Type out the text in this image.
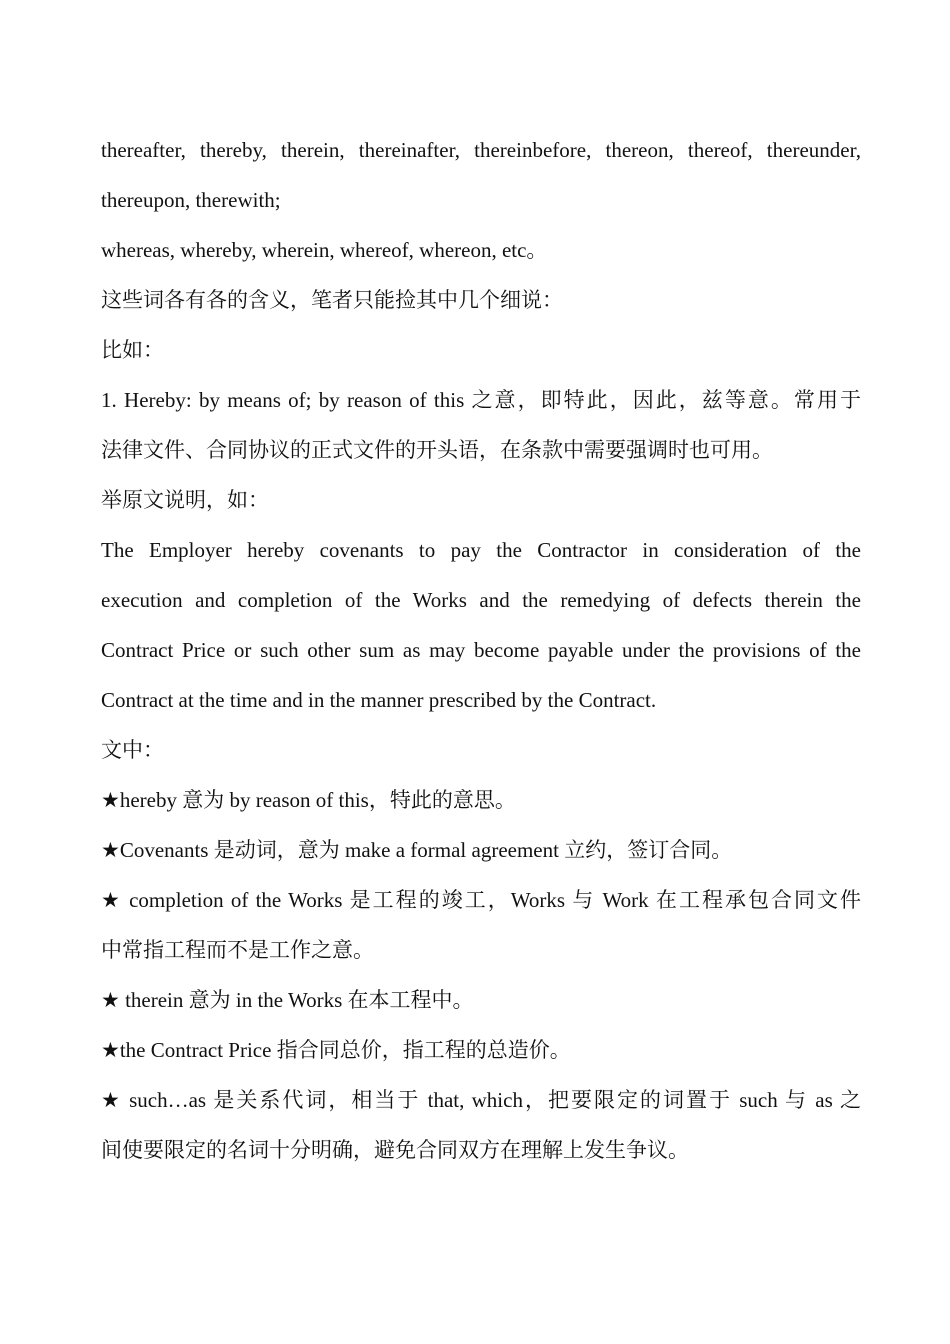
thereafter, thereby, therein, thereinafter, thereinbefore, thereon, thereof, thereunder,
thereupon, therewith;
whereas, whereby, wherein, whereof, whereon, etc。
这些词各有各的含义，笔者只能捡其中几个细说：
比如：
1. Hereby: by means of; by reason of this 之意，即特此，因此，兹等意。常用于
法律文件、合同协议的正式文件的开头语，在条款中需要强调时也可用。
举原文说明，如：
The Employer hereby covenants to pay the Contractor in consideration of the
execution and completion of the Works and the remedying of defects therein the
Contract Price or such other sum as may become payable under the provisions of the
Contract at the time and in the manner prescribed by the Contract.
文中：
★hereby 意为 by reason of this，特此的意思。
★Covenants 是动词，意为 make a formal agreement 立约，签订合同。
★ completion of the Works 是工程的竣工，Works 与 Work 在工程承包合同文件
中常指工程而不是工作之意。
★ therein 意为 in the Works 在本工程中。
★the Contract Price 指合同总价，指工程的总造价。
★ such…as 是关系代词，相当于 that, which，把要限定的词置于 such 与 as 之
间使要限定的名词十分明确，避免合同双方在理解上发生争议。
